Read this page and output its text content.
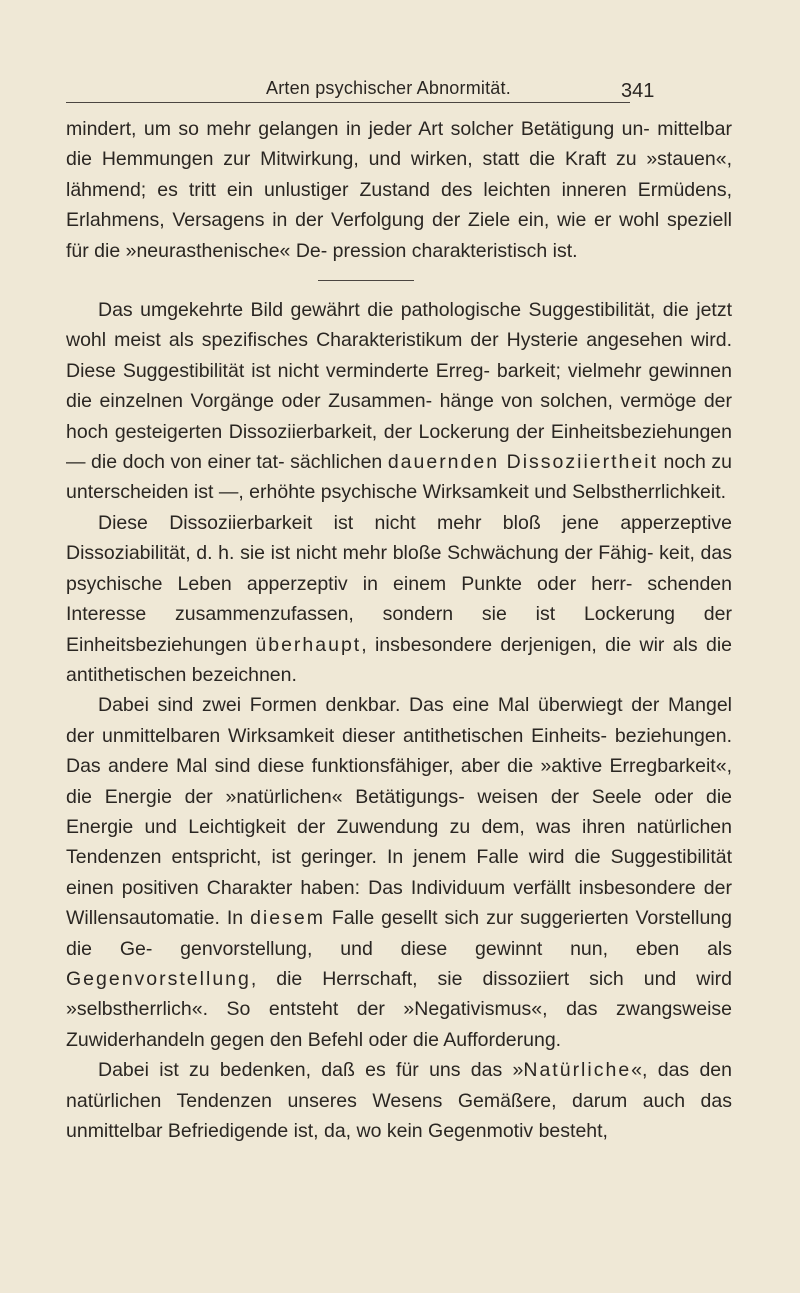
Arten psychischer Abnormität.	341

mindert, um so mehr gelangen in jeder Art solcher Betätigung un- mittelbar die Hemmungen zur Mitwirkung, und wirken, statt die Kraft zu »stauen«, lähmend; es tritt ein unlustiger Zustand des leichten inneren Ermüdens, Erlahmens, Versagens in der Verfolgung der Ziele ein, wie er wohl speziell für die »neurasthenische« De- pression charakteristisch ist.

Das umgekehrte Bild gewährt die pathologische Suggestibilität, die jetzt wohl meist als spezifisches Charakteristikum der Hysterie angesehen wird. Diese Suggestibilität ist nicht verminderte Erreg- barkeit; vielmehr gewinnen die einzelnen Vorgänge oder Zusammen- hänge von solchen, vermöge der hoch gesteigerten Dissoziierbarkeit, der Lockerung der Einheitsbeziehungen — die doch von einer tat- sächlichen dauernden Dissoziiertheit noch zu unterscheiden ist —, erhöhte psychische Wirksamkeit und Selbstherrlichkeit.

Diese Dissoziierbarkeit ist nicht mehr bloß jene apperzeptive Dissoziabilität, d. h. sie ist nicht mehr bloße Schwächung der Fähig- keit, das psychische Leben apperzeptiv in einem Punkte oder herr- schenden Interesse zusammenzufassen, sondern sie ist Lockerung der Einheitsbeziehungen überhaupt, insbesondere derjenigen, die wir als die antithetischen bezeichnen.

Dabei sind zwei Formen denkbar. Das eine Mal überwiegt der Mangel der unmittelbaren Wirksamkeit dieser antithetischen Einheits- beziehungen. Das andere Mal sind diese funktionsfähiger, aber die »aktive Erregbarkeit«, die Energie der »natürlichen« Betätigungs- weisen der Seele oder die Energie und Leichtigkeit der Zuwendung zu dem, was ihren natürlichen Tendenzen entspricht, ist geringer. In jenem Falle wird die Suggestibilität einen positiven Charakter haben: Das Individuum verfällt insbesondere der Willensautomatie. In diesem Falle gesellt sich zur suggerierten Vorstellung die Ge- genvorstellung, und diese gewinnt nun, eben als Gegenvorstellung, die Herrschaft, sie dissoziiert sich und wird »selbstherrlich«. So entsteht der »Negativismus«, das zwangsweise Zuwiderhandeln gegen den Befehl oder die Aufforderung.

Dabei ist zu bedenken, daß es für uns das »Natürliche«, das den natürlichen Tendenzen unseres Wesens Gemäßere, darum auch das unmittelbar Befriedigende ist, da, wo kein Gegenmotiv besteht,
